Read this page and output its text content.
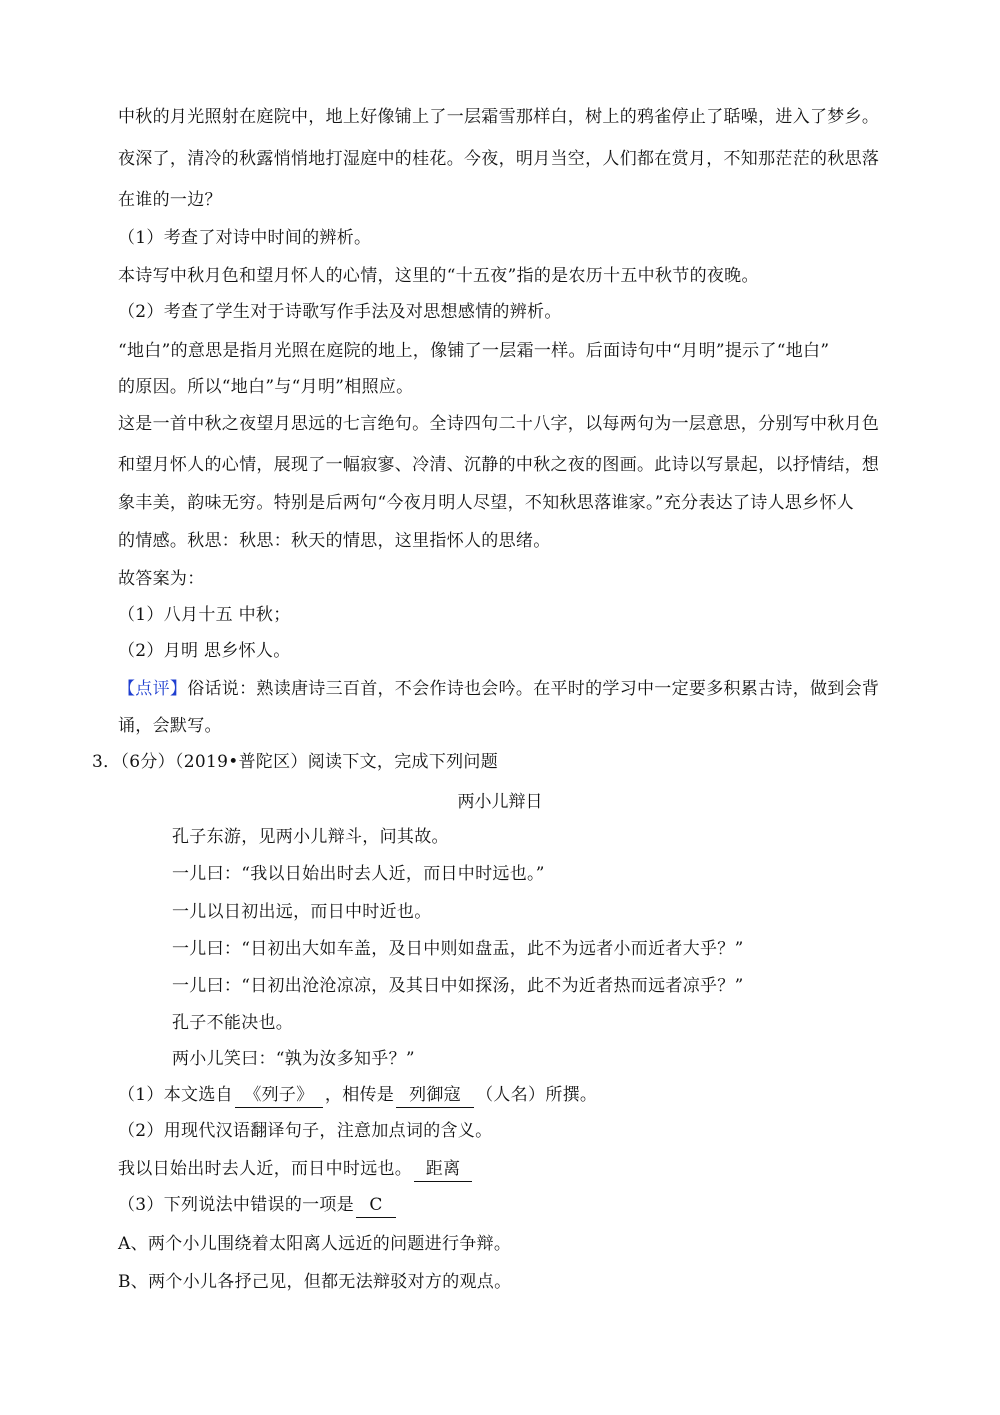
中秋的月光照射在庭院中，地上好像铺上了一层霜雪那样白，树上的鸦雀停止了聒噪，进入了梦乡。
夜深了，清冷的秋露悄悄地打湿庭中的桂花。今夜，明月当空，人们都在赏月，不知那茫茫的秋思落
在谁的一边？
（1）考查了对诗中时间的辨析。
本诗写中秋月色和望月怀人的心情，这里的“十五夜”指的是农历十五中秋节的夜晚。
（2）考查了学生对于诗歌写作手法及对思想感情的辨析。
“地白”的意思是指月光照在庭院的地上，像铺了一层霜一样。后面诗句中“月明”提示了“地白”
的原因。所以“地白”与“月明”相照应。
这是一首中秋之夜望月思远的七言绝句。全诗四句二十八字，以每两句为一层意思，分别写中秋月色
和望月怀人的心情，展现了一幅寂寥、冷清、沉静的中秋之夜的图画。此诗以写景起，以抒情结，想
象丰美，韵味无穷。特别是后两句“今夜月明人尽望，不知秋思落谁家。”充分表达了诗人思乡怀人
的情感。秋思：秋思：秋天的情思，这里指怀人的思绪。
故答案为：
（1）八月十五 中秋；
（2）月明 思乡怀人。
【点评】俗话说：熟读唐诗三百首，不会作诗也会吟。在平时的学习中一定要多积累古诗，做到会背
诵，会默写。
3．（6分）（2019•普陀区）阅读下文，完成下列问题
两小儿辩日
孔子东游，见两小儿辩斗，问其故。
一儿曰：“我以日始出时去人近，而日中时远也。”
一儿以日初出远，而日中时近也。
一儿曰：“日初出大如车盖，及日中则如盘盂，此不为远者小而近者大乎？”
一儿曰：“日初出沧沧凉凉，及其日中如探汤，此不为近者热而远者凉乎？”
孔子不能决也。
两小儿笑曰：“孰为汝多知乎？”
（1）本文选自 《列子》 ，相传是 列御寇 （人名）所撰。
（2）用现代汉语翻译句子，注意加点词的含义。
我以日始出时去人近，而日中时远也。 距离
（3）下列说法中错误的一项是 C
A、两个小儿围绕着太阳离人远近的问题进行争辩。
B、两个小儿各抒己见，但都无法辩驳对方的观点。
